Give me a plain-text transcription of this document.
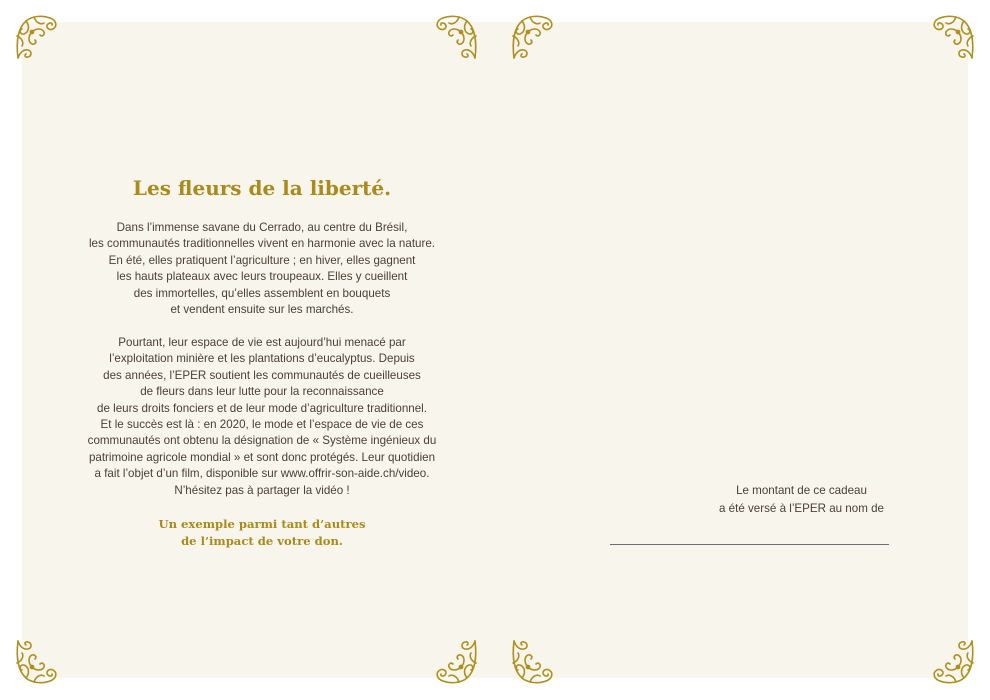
Les fleurs de la liberté.
Dans l’immense savane du Cerrado, au centre du Brésil,
les communautés traditionnelles vivent en harmonie avec la nature.
En été, elles pratiquent l’agriculture ; en hiver, elles gagnent
les hauts plateaux avec leurs troupeaux. Elles y cueillent
des immortelles, qu’elles assemblent en bouquets
et vendent ensuite sur les marchés.
Pourtant, leur espace de vie est aujourd’hui menacé par
l’exploitation minière et les plantations d’eucalyptus. Depuis
des années, l’EPER soutient les communautés de cueilleuses
de fleurs dans leur lutte pour la reconnaissance
de leurs droits fonciers et de leur mode d’agriculture traditionnel.
Et le succès est là : en 2020, le mode et l’espace de vie de ces
communautés ont obtenu la désignation de « Système ingénieux du
patrimoine agricole mondial » et sont donc protégés. Leur quotidien
a fait l’objet d’un film, disponible sur www.offrir-son-aide.ch/video.
N’hésitez pas à partager la vidéo !
Un exemple parmi tant d’autres
de l’impact de votre don.
Le montant de ce cadeau
a été versé à l’EPER au nom de
